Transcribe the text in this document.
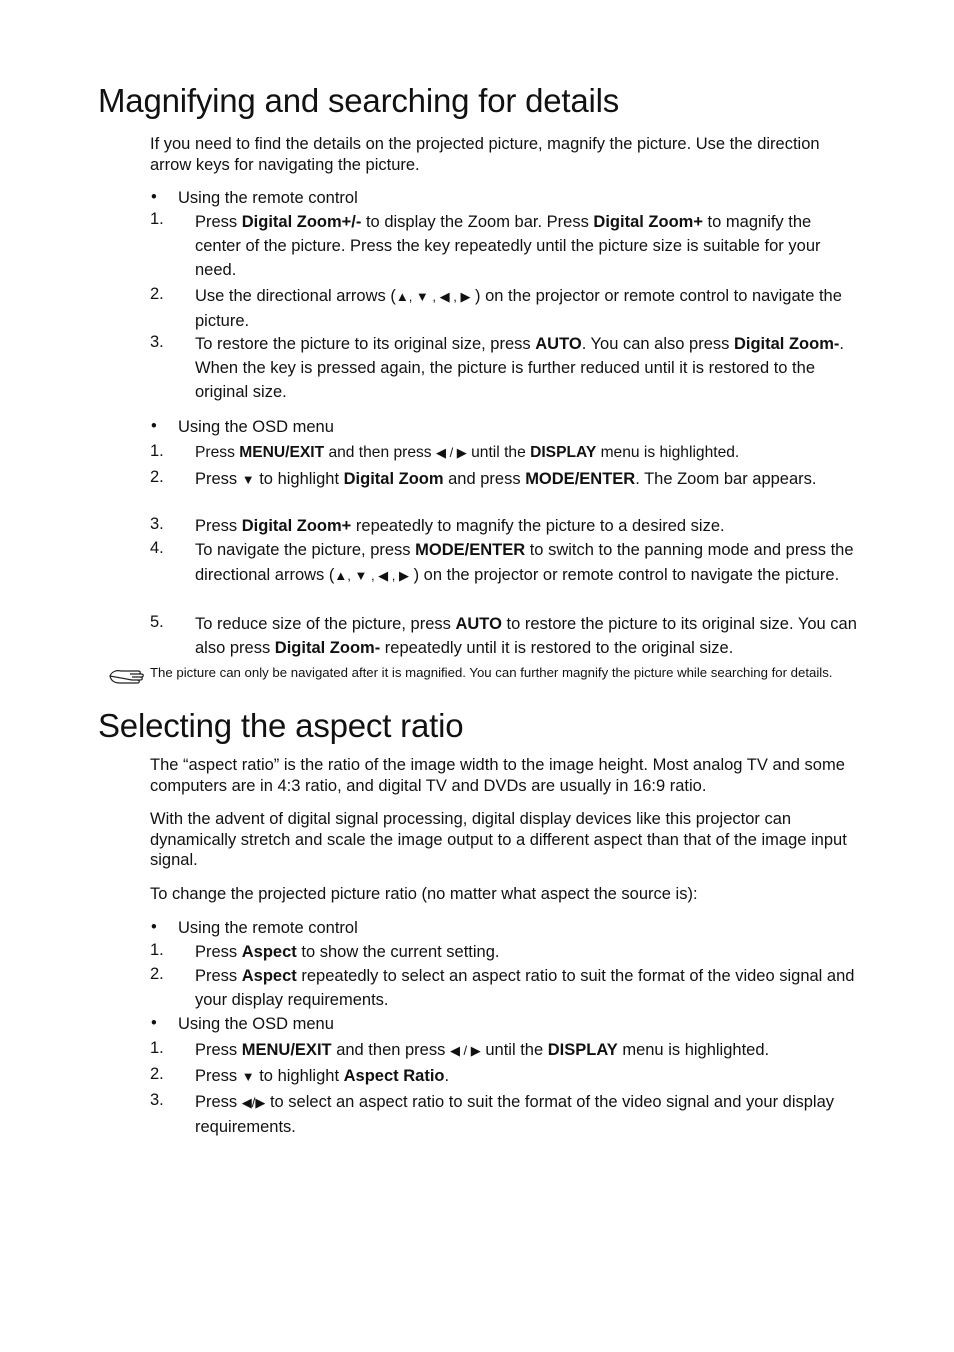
Magnifying and searching for details

If you need to find the details on the projected picture, magnify the picture. Use the direction arrow keys for navigating the picture.

• Using the remote control
1. Press Digital Zoom+/- to display the Zoom bar. Press Digital Zoom+ to magnify the center of the picture. Press the key repeatedly until the picture size is suitable for your need.
2. Use the directional arrows (▲, ▼ , ◀ , ▶ ) on the projector or remote control to navigate the picture.
3. To restore the picture to its original size, press AUTO. You can also press Digital Zoom-. When the key is pressed again, the picture is further reduced until it is restored to the original size.
• Using the OSD menu
1. Press MENU/EXIT and then press ◀ / ▶ until the DISPLAY menu is highlighted.
2. Press ▼ to highlight Digital Zoom and press MODE/ENTER. The Zoom bar appears.
3. Press Digital Zoom+ repeatedly to magnify the picture to a desired size.
4. To navigate the picture, press MODE/ENTER to switch to the panning mode and press the directional arrows (▲, ▼ , ◀ , ▶ ) on the projector or remote control to navigate the picture.
5. To reduce size of the picture, press AUTO to restore the picture to its original size. You can also press Digital Zoom- repeatedly until it is restored to the original size.
The picture can only be navigated after it is magnified. You can further magnify the picture while searching for details.
Selecting the aspect ratio

The “aspect ratio” is the ratio of the image width to the image height. Most analog TV and some computers are in 4:3 ratio, and digital TV and DVDs are usually in 16:9 ratio.

With the advent of digital signal processing, digital display devices like this projector can dynamically stretch and scale the image output to a different aspect than that of the image input signal.

To change the projected picture ratio (no matter what aspect the source is):

• Using the remote control
1. Press Aspect to show the current setting.
2. Press Aspect repeatedly to select an aspect ratio to suit the format of the video signal and your display requirements.
• Using the OSD menu
1. Press MENU/EXIT and then press ◀ / ▶ until the DISPLAY menu is highlighted.
2. Press ▼ to highlight Aspect Ratio.
3. Press ◀/▶ to select an aspect ratio to suit the format of the video signal and your display requirements.
